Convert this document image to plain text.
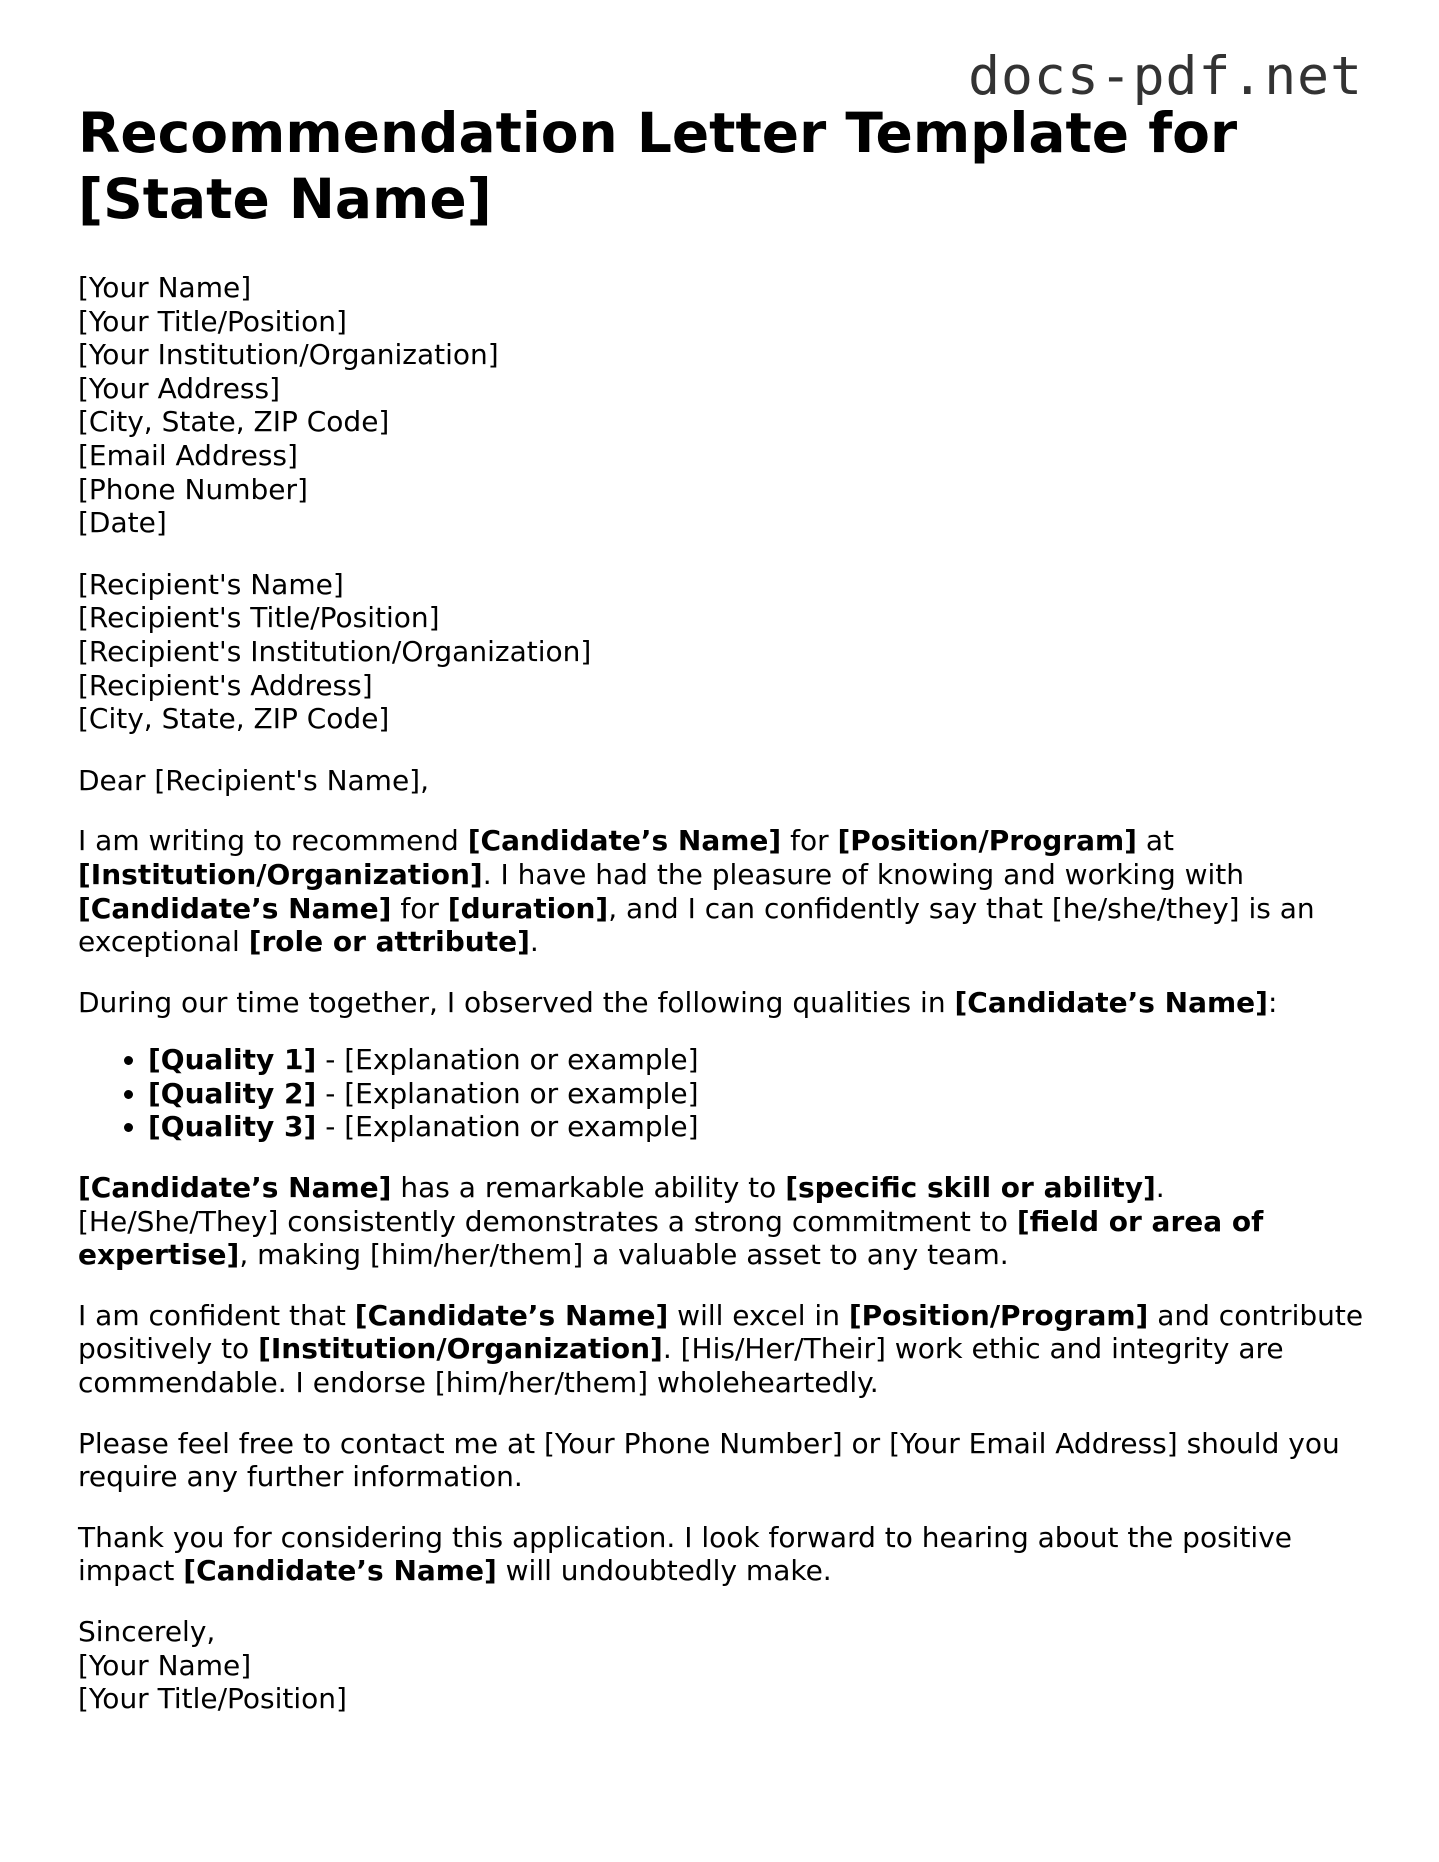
docs-pdf.net
Recommendation Letter Template for [State Name]
[Your Name]
[Your Title/Position]
[Your Institution/Organization]
[Your Address]
[City, State, ZIP Code]
[Email Address]
[Phone Number]
[Date]
[Recipient's Name]
[Recipient's Title/Position]
[Recipient's Institution/Organization]
[Recipient's Address]
[City, State, ZIP Code]
Dear [Recipient's Name],

I am writing to recommend [Candidate’s Name] for [Position/Program] at [Institution/Organization]. I have had the pleasure of knowing and working with [Candidate’s Name] for [duration], and I can confidently say that [he/she/they] is an exceptional [role or attribute].

During our time together, I observed the following qualities in [Candidate’s Name]:

• [Quality 1] - [Explanation or example]
• [Quality 2] - [Explanation or example]
• [Quality 3] - [Explanation or example]

[Candidate’s Name] has a remarkable ability to [specific skill or ability]. [He/She/They] consistently demonstrates a strong commitment to [field or area of expertise], making [him/her/them] a valuable asset to any team.

I am confident that [Candidate’s Name] will excel in [Position/Program] and contribute positively to [Institution/Organization]. [His/Her/Their] work ethic and integrity are commendable. I endorse [him/her/them] wholeheartedly.

Please feel free to contact me at [Your Phone Number] or [Your Email Address] should you require any further information.

Thank you for considering this application. I look forward to hearing about the positive impact [Candidate’s Name] will undoubtedly make.

Sincerely,
[Your Name]
[Your Title/Position]
